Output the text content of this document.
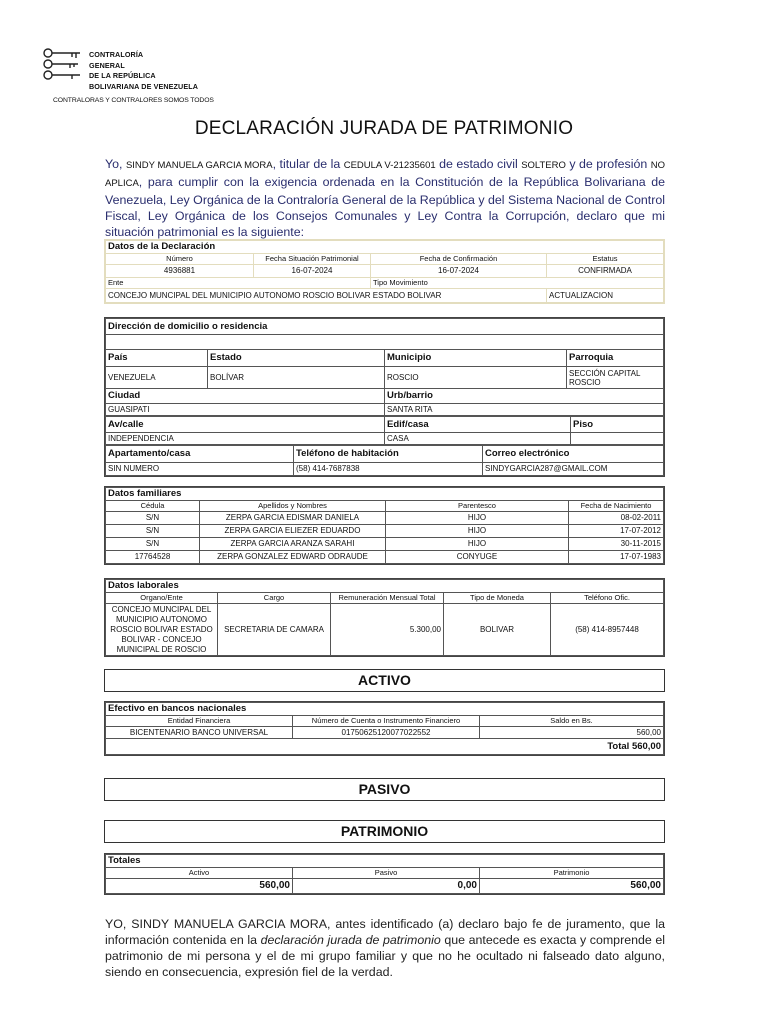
CONTRALORÍA
GENERAL
DE LA REPÚBLICA
BOLIVARIANA DE VENEZUELA
CONTRALORAS Y CONTRALORES SOMOS TODOS
DECLARACIÓN JURADA DE PATRIMONIO
Yo, SINDY MANUELA GARCIA MORA, titular de la CEDULA V-21235601 de estado civil SOLTERO y de profesión NO APLICA, para cumplir con la exigencia ordenada en la Constitución de la República Bolivariana de Venezuela, Ley Orgánica de la Contraloría General de la República y del Sistema Nacional de Control Fiscal, Ley Orgánica de los Consejos Comunales y Ley Contra la Corrupción, declaro que mi situación patrimonial es la siguiente:
Datos de la Declaración			
Número	Fecha Situación Patrimonial	Fecha de Confirmación	Estatus
4936881	16-07-2024	16-07-2024	CONFIRMADA
Ente		Tipo Movimiento	
CONCEJO MUNCIPAL DEL MUNICIPIO AUTONOMO ROSCIO BOLIVAR ESTADO BOLIVAR			ACTUALIZACION
Dirección de domicilio o residencia			

País	Estado	Municipio	Parroquia
VENEZUELA	BOLÍVAR	ROSCIO	SECCIÓN CAPITAL ROSCIO
Ciudad		Urb/barrio	
GUASIPATI		SANTA RITA	
Av/calle	Edif/casa	Piso
INDEPENDENCIA	CASA	
Apartamento/casa	Teléfono de habitación	Correo electrónico
SIN NUMERO	(58) 414-7687838	SINDYGARCIA287@GMAIL.COM
Datos familiares			
Cédula	Apellidos y Nombres	Parentesco	Fecha de Nacimiento
S/N	ZERPA GARCIA EDISMAR DANIELA	HIJO	08-02-2011
S/N	ZERPA GARCIA ELIEZER EDUARDO	HIJO	17-07-2012
S/N	ZERPA GARCIA ARANZA SARAHI	HIJO	30-11-2015
17764528	ZERPA GONZALEZ EDWARD ODRAUDE	CONYUGE	17-07-1983
Datos laborales				
Organo/Ente	Cargo	Remuneración Mensual Total	Tipo de Moneda	Teléfono Ofic.
CONCEJO MUNCIPAL DEL MUNICIPIO AUTONOMO ROSCIO BOLIVAR ESTADO BOLIVAR - CONCEJO MUNICIPAL DE ROSCIO	SECRETARIA DE CAMARA	5.300,00	BOLIVAR	(58) 414-8957448
ACTIVO
Efectivo en bancos nacionales		
Entidad Financiera	Número de Cuenta o Instrumento Financiero	Saldo en Bs.
BICENTENARIO BANCO UNIVERSAL	01750625120077022552	560,00
Total 560,00		
PASIVO
PATRIMONIO
Totales		
Activo	Pasivo	Patrimonio
560,00	0,00	560,00
YO, SINDY MANUELA GARCIA MORA, antes identificado (a) declaro bajo fe de juramento, que la información contenida en la declaración jurada de patrimonio que antecede es exacta y comprende el patrimonio de mi persona y el de mi grupo familiar y que no he ocultado ni falseado dato alguno, siendo en consecuencia, expresión fiel de la verdad.
